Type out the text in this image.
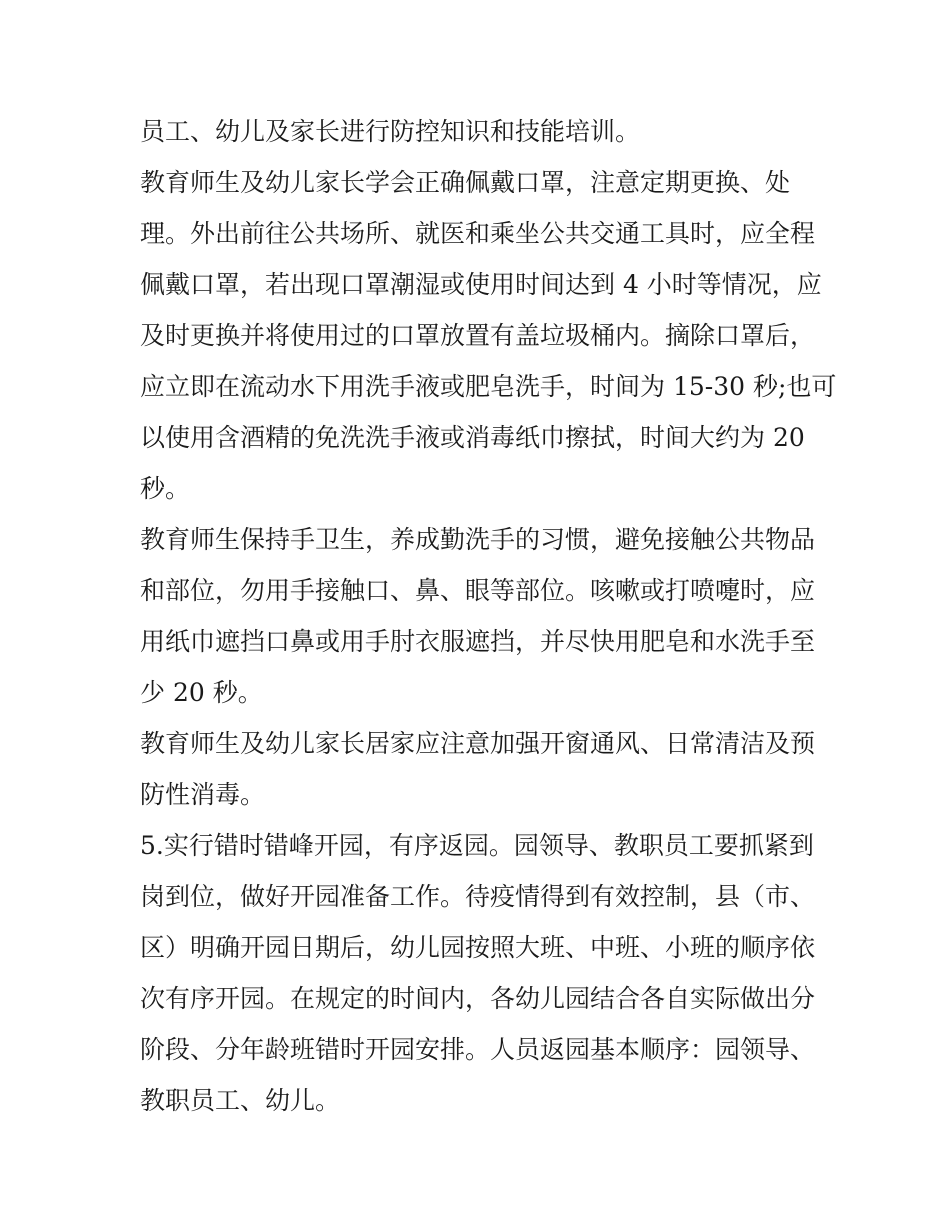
员工、幼儿及家长进行防控知识和技能培训。

教育师生及幼儿家长学会正确佩戴口罩，注意定期更换、处
理。外出前往公共场所、就医和乘坐公共交通工具时，应全程
佩戴口罩，若出现口罩潮湿或使用时间达到 4 小时等情况，应
及时更换并将使用过的口罩放置有盖垃圾桶内。摘除口罩后，
应立即在流动水下用洗手液或肥皂洗手，时间为 15-30 秒;也可
以使用含酒精的免洗洗手液或消毒纸巾擦拭，时间大约为 20
秒。

教育师生保持手卫生，养成勤洗手的习惯，避免接触公共物品
和部位，勿用手接触口、鼻、眼等部位。咳嗽或打喷嚏时，应
用纸巾遮挡口鼻或用手肘衣服遮挡，并尽快用肥皂和水洗手至
少 20 秒。

教育师生及幼儿家长居家应注意加强开窗通风、日常清洁及预
防性消毒。

5.实行错时错峰开园，有序返园。园领导、教职员工要抓紧到
岗到位，做好开园准备工作。待疫情得到有效控制，县（市、
区）明确开园日期后，幼儿园按照大班、中班、小班的顺序依
次有序开园。在规定的时间内，各幼儿园结合各自实际做出分
阶段、分年龄班错时开园安排。人员返园基本顺序：园领导、
教职员工、幼儿。
